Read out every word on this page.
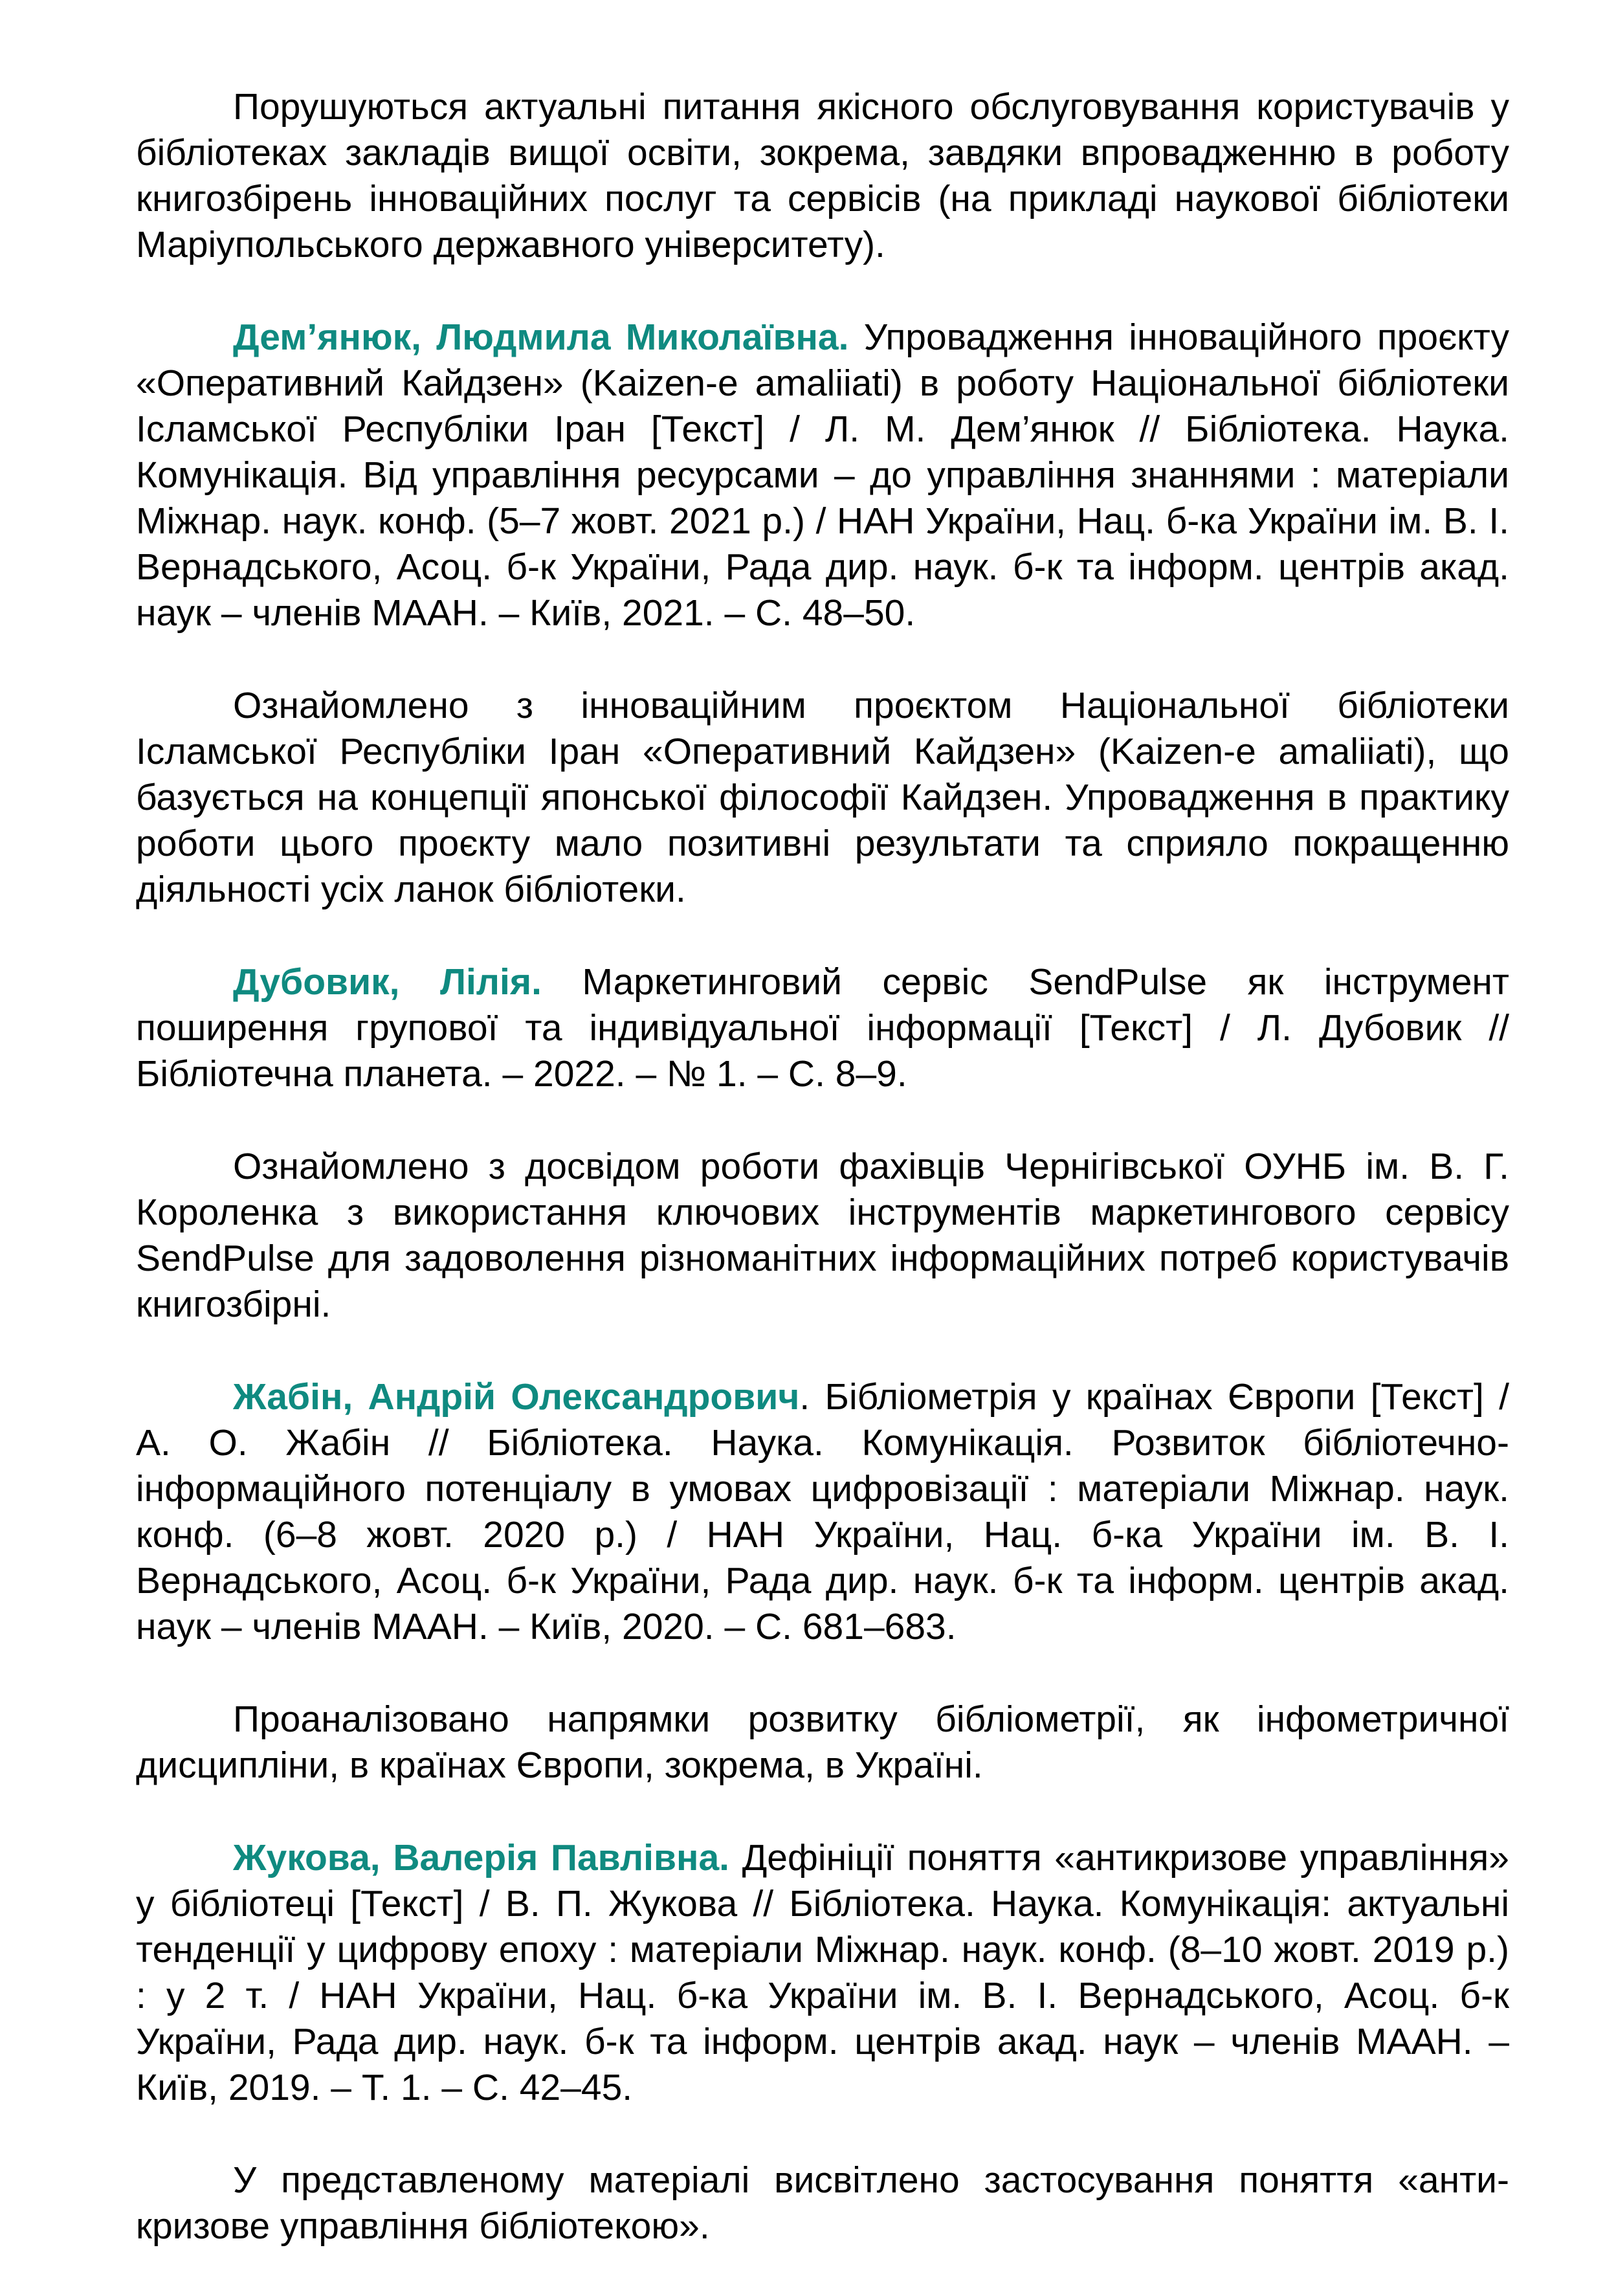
Порушуються актуальні питання якісного обслуговування користувачів у бібліотеках закладів вищої освіти, зокрема, завдяки впровадженню в роботу книгозбірень інноваційних послуг та сервісів (на прикладі наукової бібліотеки Маріупольського державного університету).

Дем’янюк, Людмила Миколаївна. Упровадження інноваційного проєкту «Оперативний Кайдзен» (Kaizen-e amaliiati) в роботу Національної бібліотеки Ісламської Республіки Іран [Текст] / Л. М. Дем’янюк // Бібліотека. Наука. Комунікація. Від управління ресурсами – до управління знаннями : матеріали Міжнар. наук. конф. (5–7 жовт. 2021 р.) / НАН України, Нац. б-ка України ім. В. І. Вернадського, Асоц. б-к України, Рада дир. наук. б-к та інформ. центрів акад. наук – членів МААН. – Київ, 2021. – С. 48–50.

Ознайомлено з інноваційним проєктом Національної бібліотеки Ісламської Республіки Іран «Оперативний Кайдзен» (Kaizen-e amaliiati), що базується на концепції японської філософії Кайдзен. Упровадження в практику роботи цього проєкту мало позитивні результати та сприяло покращенню діяльності усіх ланок бібліотеки.

Дубовик, Лілія. Маркетинговий сервіс SendPulse як інструмент поширення групової та індивідуальної інформації [Текст] / Л. Дубовик // Бібліотечна планета. – 2022. – № 1. – С. 8–9.

Ознайомлено з досвідом роботи фахівців Чернігівської ОУНБ ім. В. Г. Короленка з використання ключових інструментів маркетингового сервісу SendPulse для задоволення різноманітних інформаційних потреб користувачів книгозбірні.

Жабін, Андрій Олександрович. Бібліометрія у країнах Європи [Текст] / А. О. Жабін // Бібліотека. Наука. Комунікація. Розвиток бібліотечно-інформаційного потенціалу в умовах цифровізації : матеріали Міжнар. наук. конф. (6–8 жовт. 2020 р.) / НАН України, Нац. б-ка України ім. В. І. Вернадського, Асоц. б-к України, Рада дир. наук. б-к та інформ. центрів акад. наук – членів МААН. – Київ, 2020. – С. 681–683.

Проаналізовано напрямки розвитку бібліометрії, як інфометричної дисципліни, в країнах Європи, зокрема, в Україні.

Жукова, Валерія Павлівна. Дефініції поняття «антикризове управління» у бібліотеці [Текст] / В. П. Жукова // Бібліотека. Наука. Комунікація: актуальні тенденції у цифрову епоху : матеріали Міжнар. наук. конф. (8–10 жовт. 2019 р.) : у 2 т. / НАН України, Нац. б-ка України ім. В. І. Вернадського, Асоц. б-к України, Рада дир. наук. б-к та інформ. центрів акад. наук – членів МААН. – Київ, 2019. – Т. 1. – С. 42–45.

У представленому матеріалі висвітлено застосування поняття «анти-кризове управління бібліотекою».
